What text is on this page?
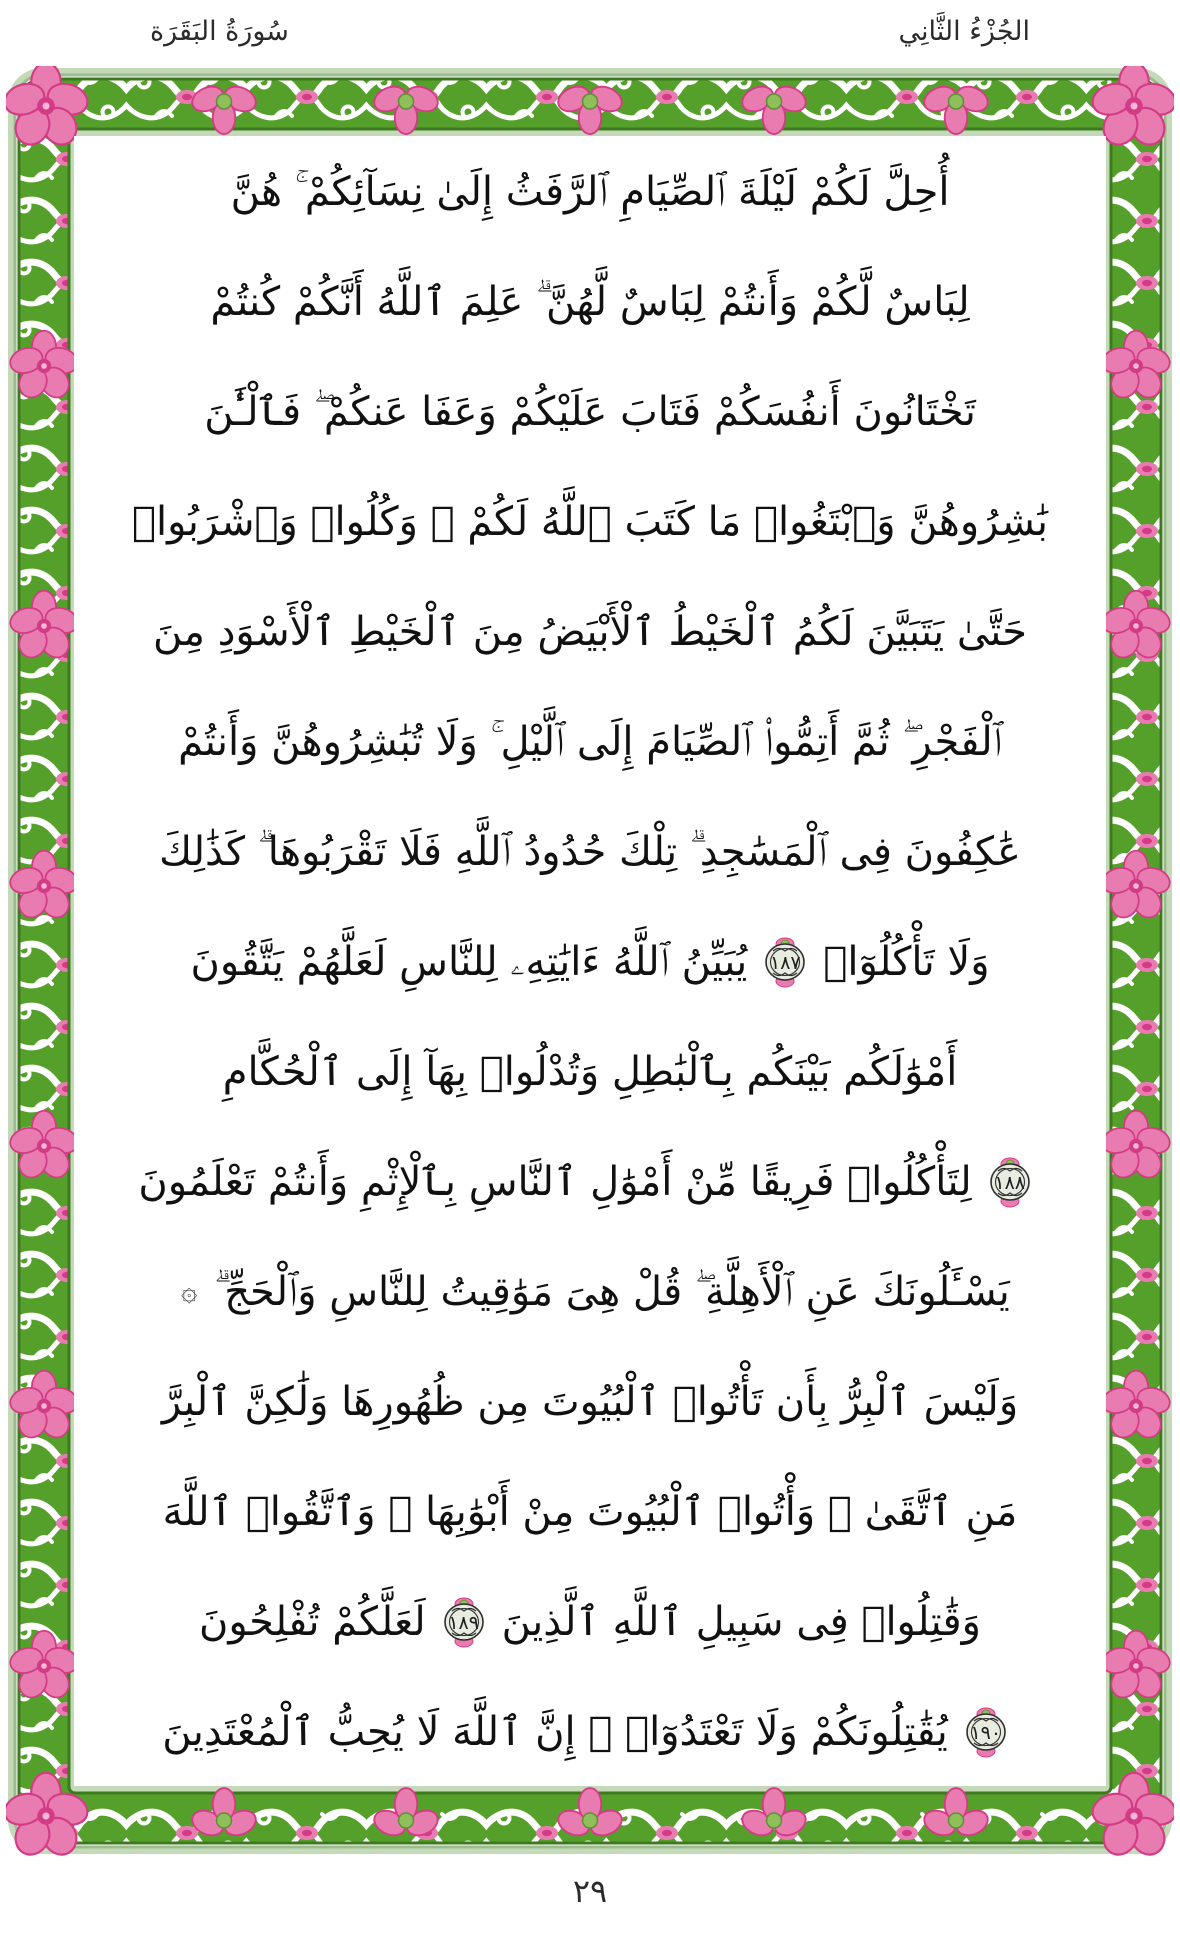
سُورَةُ البَقَرَة	الجُزْءُ الثَّانِي
أُحِلَّ لَكُمْ لَيْلَةَ ٱلصِّيَامِ ٱلرَّفَثُ إِلَىٰ نِسَآئِكُمْ ۚ هُنَّ
لِبَاسٌ لَّكُمْ وَأَنتُمْ لِبَاسٌ لَّهُنَّ ۗ عَلِمَ ٱللَّهُ أَنَّكُمْ كُنتُمْ
تَخْتَانُونَ أَنفُسَكُمْ فَتَابَ عَلَيْكُمْ وَعَفَا عَنكُمْ ۖ فَٱلْـَٰٔنَ
بَٰشِرُوهُنَّ وَٱبْتَغُوا۟ مَا كَتَبَ ٱللَّهُ لَكُمْ ۚ وَكُلُوا۟ وَٱشْرَبُوا۟
حَتَّىٰ يَتَبَيَّنَ لَكُمُ ٱلْخَيْطُ ٱلْأَبْيَضُ مِنَ ٱلْخَيْطِ ٱلْأَسْوَدِ مِنَ
ٱلْفَجْرِ ۖ ثُمَّ أَتِمُّوا۟ ٱلصِّيَامَ إِلَى ٱلَّيْلِ ۚ وَلَا تُبَٰشِرُوهُنَّ وَأَنتُمْ
عَٰكِفُونَ فِى ٱلْمَسَٰجِدِ ۗ تِلْكَ حُدُودُ ٱللَّهِ فَلَا تَقْرَبُوهَا ۗ كَذَٰلِكَ
وَلَا تَأْكُلُوٓا۟
١٨٧
يُبَيِّنُ ٱللَّهُ ءَايَٰتِهِۦ لِلنَّاسِ لَعَلَّهُمْ يَتَّقُونَ
أَمْوَٰلَكُم بَيْنَكُم بِٱلْبَٰطِلِ وَتُدْلُوا۟ بِهَآ إِلَى ٱلْحُكَّامِ
١٨٨
لِتَأْكُلُوا۟ فَرِيقًا مِّنْ أَمْوَٰلِ ٱلنَّاسِ بِٱلْإِثْمِ وَأَنتُمْ تَعْلَمُونَ
يَسْـَٔلُونَكَ عَنِ ٱلْأَهِلَّةِ ۖ قُلْ هِىَ مَوَٰقِيتُ لِلنَّاسِ وَٱلْحَجِّ ۗ
۞
وَلَيْسَ ٱلْبِرُّ بِأَن تَأْتُوا۟ ٱلْبُيُوتَ مِن ظُهُورِهَا وَلَٰكِنَّ ٱلْبِرَّ
مَنِ ٱتَّقَىٰ ۗ وَأْتُوا۟ ٱلْبُيُوتَ مِنْ أَبْوَٰبِهَا ۚ وَٱتَّقُوا۟ ٱللَّهَ
وَقَٰتِلُوا۟ فِى سَبِيلِ ٱللَّهِ ٱلَّذِينَ
١٨٩
لَعَلَّكُمْ تُفْلِحُونَ
١٩٠
يُقَٰتِلُونَكُمْ وَلَا تَعْتَدُوٓا۟ ۚ إِنَّ ٱللَّهَ لَا يُحِبُّ ٱلْمُعْتَدِينَ
٢٩
